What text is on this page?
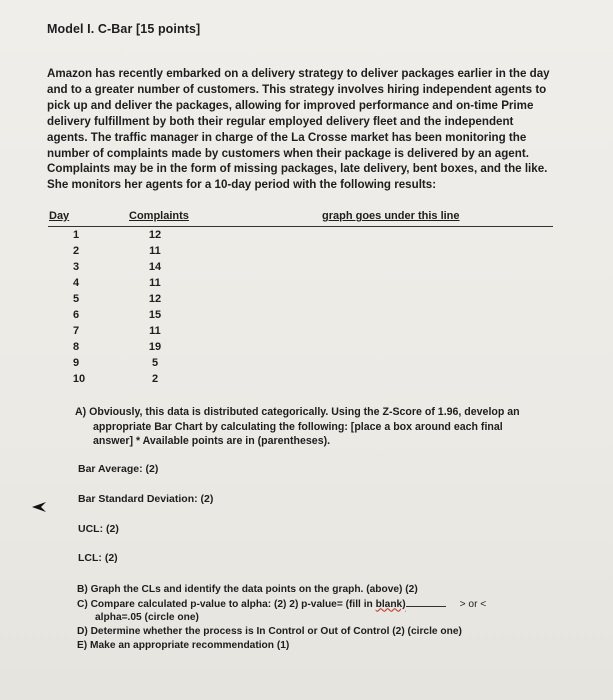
Model I. C-Bar [15 points]
Amazon has recently embarked on a delivery strategy to deliver packages earlier in the day
and to a greater number of customers. This strategy involves hiring independent agents to
pick up and deliver the packages, allowing for improved performance and on-time Prime
delivery fulfillment by both their regular employed delivery fleet and the independent
agents. The traffic manager in charge of the La Crosse market has been monitoring the
number of complaints made by customers when their package is delivered by an agent.
Complaints may be in the form of missing packages, late delivery, bent boxes, and the like.
She monitors her agents for a 10-day period with the following results:
Day	Complaints	graph goes under this line
1	12
2	11
3	14
4	11
5	12
6	15
7	11
8	19
9	5
10	2
A) Obviously, this data is distributed categorically. Using the Z-Score of 1.96, develop an
appropriate Bar Chart by calculating the following: [place a box around each final
answer] * Available points are in (parentheses).
Bar Average: (2)
Bar Standard Deviation: (2)
UCL: (2)
LCL: (2)
B) Graph the CLs and identify the data points on the graph. (above) (2)
C) Compare calculated p-value to alpha: (2) 2) p-value= (fill in blank)	> or <
alpha=.05 (circle one)
D) Determine whether the process is In Control or Out of Control (2) (circle one)
E) Make an appropriate recommendation (1)
